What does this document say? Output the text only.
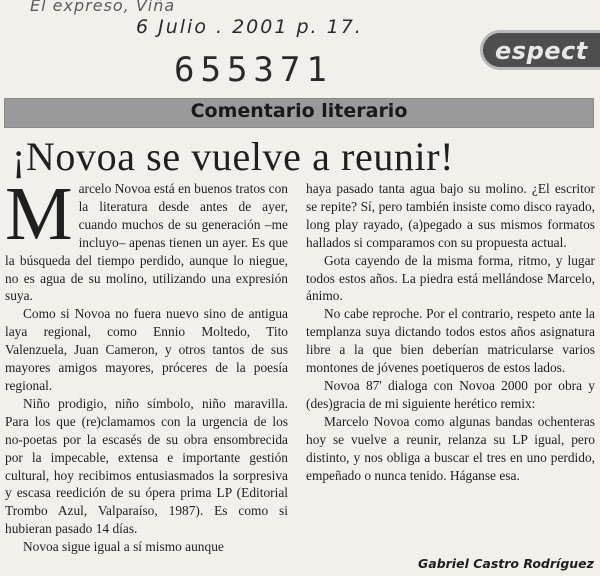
El expreso, Viña
6 Julio . 2001 p. 17.
655371	espect
Comentario literario
¡Novoa se vuelve a reunir!

Marcelo Novoa está en buenos tratos con la literatura desde antes de ayer, cuando muchos de su generación –me incluyo– apenas tienen un ayer. Es que la búsqueda del tiempo perdido, aunque lo niegue, no es agua de su molino, utilizando una expresión suya.

Como si Novoa no fuera nuevo sino de antigua laya regional, como Ennio Moltedo, Tito Valenzuela, Juan Cameron, y otros tantos de sus mayores amigos mayores, próceres de la poesía regional.

Niño prodigio, niño símbolo, niño maravilla. Para los que (re)clamamos con la urgencia de los no-poetas por la escasés de su obra ensombrecida por la impecable, extensa e importante gestión cultural, hoy recibimos entusiasmados la sorpresiva y escasa reedición de su ópera prima LP (Editorial Trombo Azul, Valparaíso, 1987). Es como si hubieran pasado 14 días.

Novoa sigue igual a sí mismo aunque

haya pasado tanta agua bajo su molino. ¿El escritor se repite? Sí, pero también insiste como disco rayado, long play rayado, (a)pegado a sus mismos formatos hallados si comparamos con su propuesta actual.

Gota cayendo de la misma forma, ritmo, y lugar todos estos años. La piedra está mellándose Marcelo, ánimo.

No cabe reproche. Por el contrario, respeto ante la templanza suya dictando todos estos años asignatura libre a la que bien deberían matricularse varios montones de jóvenes poetiqueros de estos lados.

Novoa 87' dialoga con Novoa 2000 por obra y (des)gracia de mi siguiente herético remix:

Marcelo Novoa como algunas bandas ochenteras hoy se vuelve a reunir, relanza su LP igual, pero distinto, y nos obliga a buscar el tres en uno perdido, empeñado o nunca tenido. Háganse esa.

Gabriel Castro Rodríguez
